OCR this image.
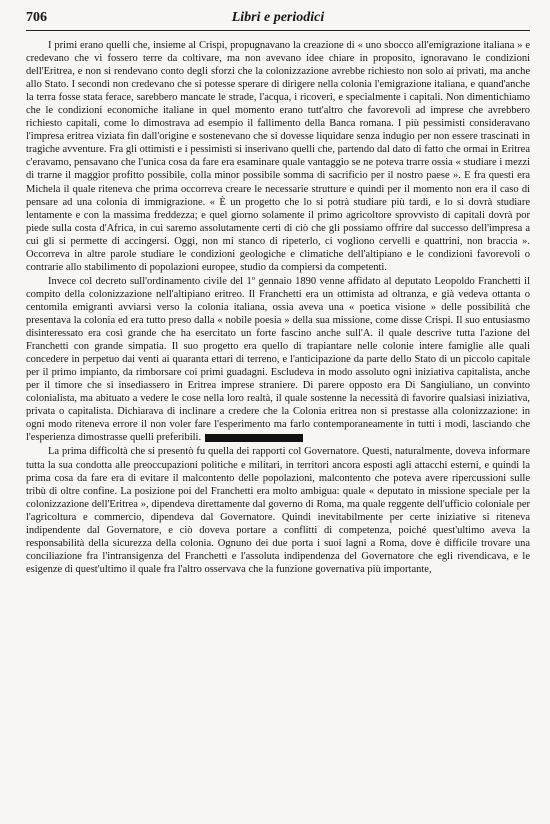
706	Libri e periodici

I primi erano quelli che, insieme al Crispi, propugnavano la creazione di « uno sbocco all'emigrazione italiana » e credevano che vi fossero terre da coltivare, ma non avevano idee chiare in proposito, ignoravano le condizioni dell'Eritrea, e non si rendevano conto degli sforzi che la colonizzazione avrebbe richiesto non solo ai privati, ma anche allo Stato. I secondi non credevano che si potesse sperare di dirigere nella colonia l'emigrazione italiana, e quand'anche la terra fosse stata ferace, sarebbero mancate le strade, l'acqua, i ricoveri, e specialmente i capitali. Non dimentichiamo che le condizioni economiche italiane in quel momento erano tutt'altro che favorevoli ad imprese che avrebbero richiesto capitali, come lo dimostrava ad esempio il fallimento della Banca romana. I più pessimisti consideravano l'impresa eritrea viziata fin dall'origine e sostenevano che si dovesse liquidare senza indugio per non essere trascinati in tragiche avventure. Fra gli ottimisti e i pessimisti si inserivano quelli che, partendo dal dato di fatto che ormai in Eritrea c'eravamo, pensavano che l'unica cosa da fare era esaminare quale vantaggio se ne poteva trarre ossia « studiare i mezzi di trarne il maggior profitto possibile, colla minor possibile somma di sacrificio per il nostro paese ». E fra questi era Michela il quale riteneva che prima occorreva creare le necessarie strutture e quindi per il momento non era il caso di pensare ad una colonia di immigrazione. « È un progetto che lo si potrà studiare più tardi, e lo si dovrà studiare lentamente e con la massima freddezza; e quel giorno solamente il primo agricoltore sprovvisto di capitali dovrà por piede sulla costa d'Africa, in cui saremo assolutamente certi di ciò che gli possiamo offrire dal successo dell'impresa a cui gli si permette di accingersi. Oggi, non mi stanco di ripeterlo, ci vogliono cervelli e quattrini, non braccia ». Occorreva in altre parole studiare le condizioni geologiche e climatiche dell'altipiano e le condizioni favorevoli o contrarie allo stabilimento di popolazioni europee, studio da compiersi da competenti.

Invece col decreto sull'ordinamento civile del 1º gennaio 1890 venne affidato al deputato Leopoldo Franchetti il compito della colonizzazione nell'altipiano eritreo. Il Franchetti era un ottimista ad oltranza, e già vedeva ottanta o centomila emigranti avviarsi verso la colonia italiana, ossia aveva una « poetica visione » delle possibilità che presentava la colonia ed era tutto preso dalla « nobile poesia » della sua missione, come disse Crispi. Il suo entusiasmo disinteressato era così grande che ha esercitato un forte fascino anche sull'A. il quale descrive tutta l'azione del Franchetti con grande simpatia. Il suo progetto era quello di trapiantare nelle colonie intere famiglie alle quali concedere in perpetuo dai venti ai quaranta ettari di terreno, e l'anticipazione da parte dello Stato di un piccolo capitale per il primo impianto, da rimborsare coi primi guadagni. Escludeva in modo assoluto ogni iniziativa capitalista, anche per il timore che si insediassero in Eritrea imprese straniere. Di parere opposto era Di Sangiuliano, un convinto colonialista, ma abituato a vedere le cose nella loro realtà, il quale sostenne la necessità di favorire qualsiasi iniziativa, privata o capitalista. Dichiarava di inclinare a credere che la Colonia eritrea non si prestasse alla colonizzazione: in ogni modo riteneva errore il non voler fare l'esperimento ma farlo contemporaneamente in tutti i modi, lasciando che l'esperienza dimostrasse quelli preferibili.

La prima difficoltà che si presentò fu quella dei rapporti col Governatore. Questi, naturalmente, doveva informare tutta la sua condotta alle preoccupazioni politiche e militari, in territori ancora esposti agli attacchi esterni, e quindi la prima cosa da fare era di evitare il malcontento delle popolazioni, malcontento che poteva avere ripercussioni sulle tribù di oltre confine. La posizione poi del Franchetti era molto ambigua: quale « deputato in missione speciale per la colonizzazione dell'Eritrea », dipendeva direttamente dal governo di Roma, ma quale reggente dell'ufficio coloniale per l'agricoltura e commercio, dipendeva dal Governatore. Quindi inevitabilmente per certe iniziative si riteneva indipendente dal Governatore, e ciò doveva portare a conflitti di competenza, poiché quest'ultimo aveva la responsabilità della sicurezza della colonia. Ognuno dei due porta i suoi lagni a Roma, dove è difficile trovare una conciliazione fra l'intransigenza del Franchetti e l'assoluta indipendenza del Governatore che egli rivendicava, e le esigenze di quest'ultimo il quale fra l'altro osservava che la funzione governativa più importante,
